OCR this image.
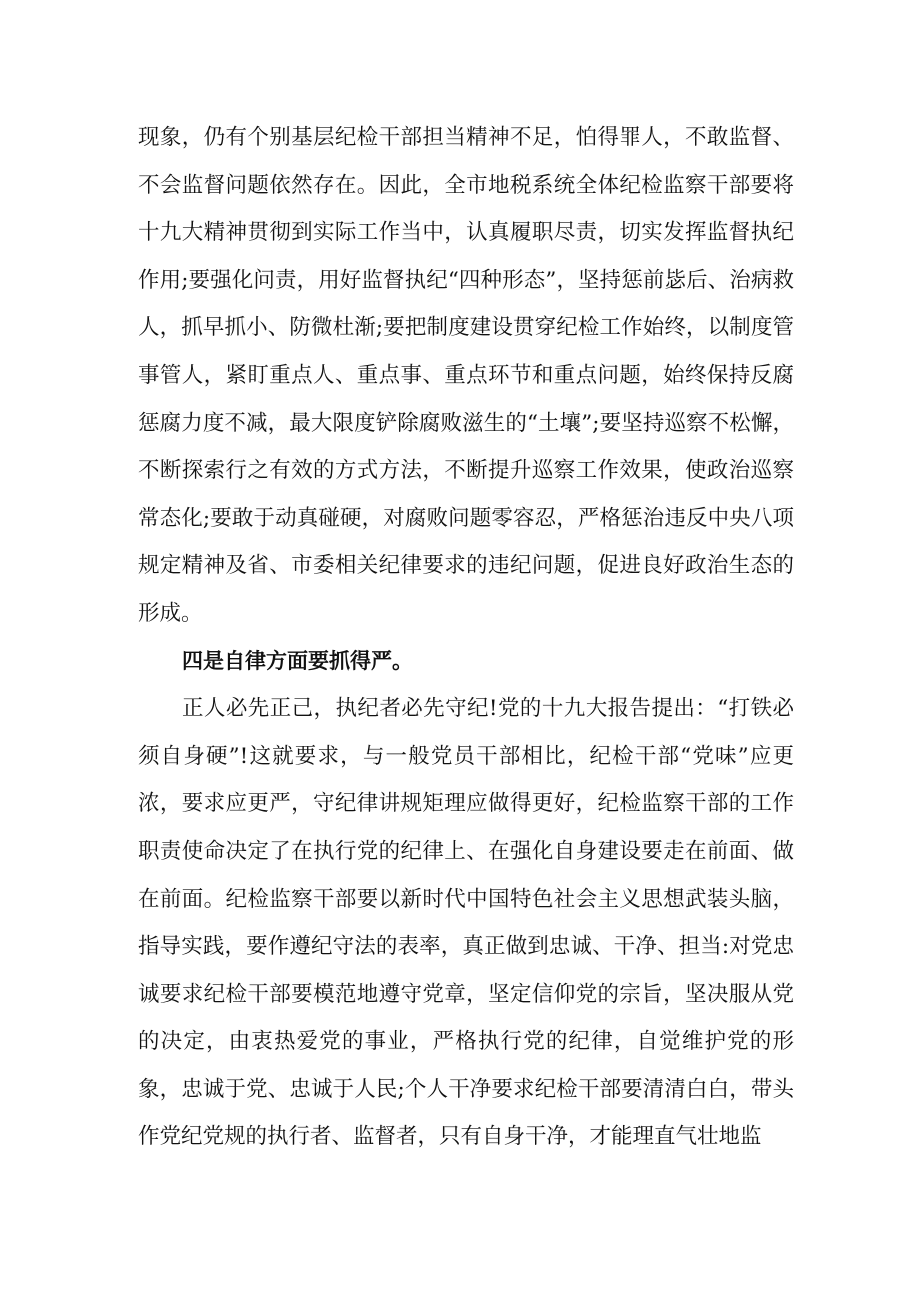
现象，仍有个别基层纪检干部担当精神不足，怕得罪人，不敢监督、不会监督问题依然存在。因此，全市地税系统全体纪检监察干部要将十九大精神贯彻到实际工作当中，认真履职尽责，切实发挥监督执纪作用;要强化问责，用好监督执纪“四种形态”，坚持惩前毖后、治病救人，抓早抓小、防微杜渐;要把制度建设贯穿纪检工作始终，以制度管事管人，紧盯重点人、重点事、重点环节和重点问题，始终保持反腐惩腐力度不减，最大限度铲除腐败滋生的“土壤”;要坚持巡察不松懈，不断探索行之有效的方式方法，不断提升巡察工作效果，使政治巡察常态化;要敢于动真碰硬，对腐败问题零容忍，严格惩治违反中央八项规定精神及省、市委相关纪律要求的违纪问题，促进良好政治生态的形成。

四是自律方面要抓得严。

正人必先正己，执纪者必先守纪!党的十九大报告提出：“打铁必须自身硬”!这就要求，与一般党员干部相比，纪检干部“党味”应更浓，要求应更严，守纪律讲规矩理应做得更好，纪检监察干部的工作职责使命决定了在执行党的纪律上、在强化自身建设要走在前面、做在前面。纪检监察干部要以新时代中国特色社会主义思想武装头脑，指导实践，要作遵纪守法的表率，真正做到忠诚、干净、担当:对党忠诚要求纪检干部要模范地遵守党章，坚定信仰党的宗旨，坚决服从党的决定，由衷热爱党的事业，严格执行党的纪律，自觉维护党的形象，忠诚于党、忠诚于人民;个人干净要求纪检干部要清清白白，带头作党纪党规的执行者、监督者，只有自身干净，才能理直气壮地监
